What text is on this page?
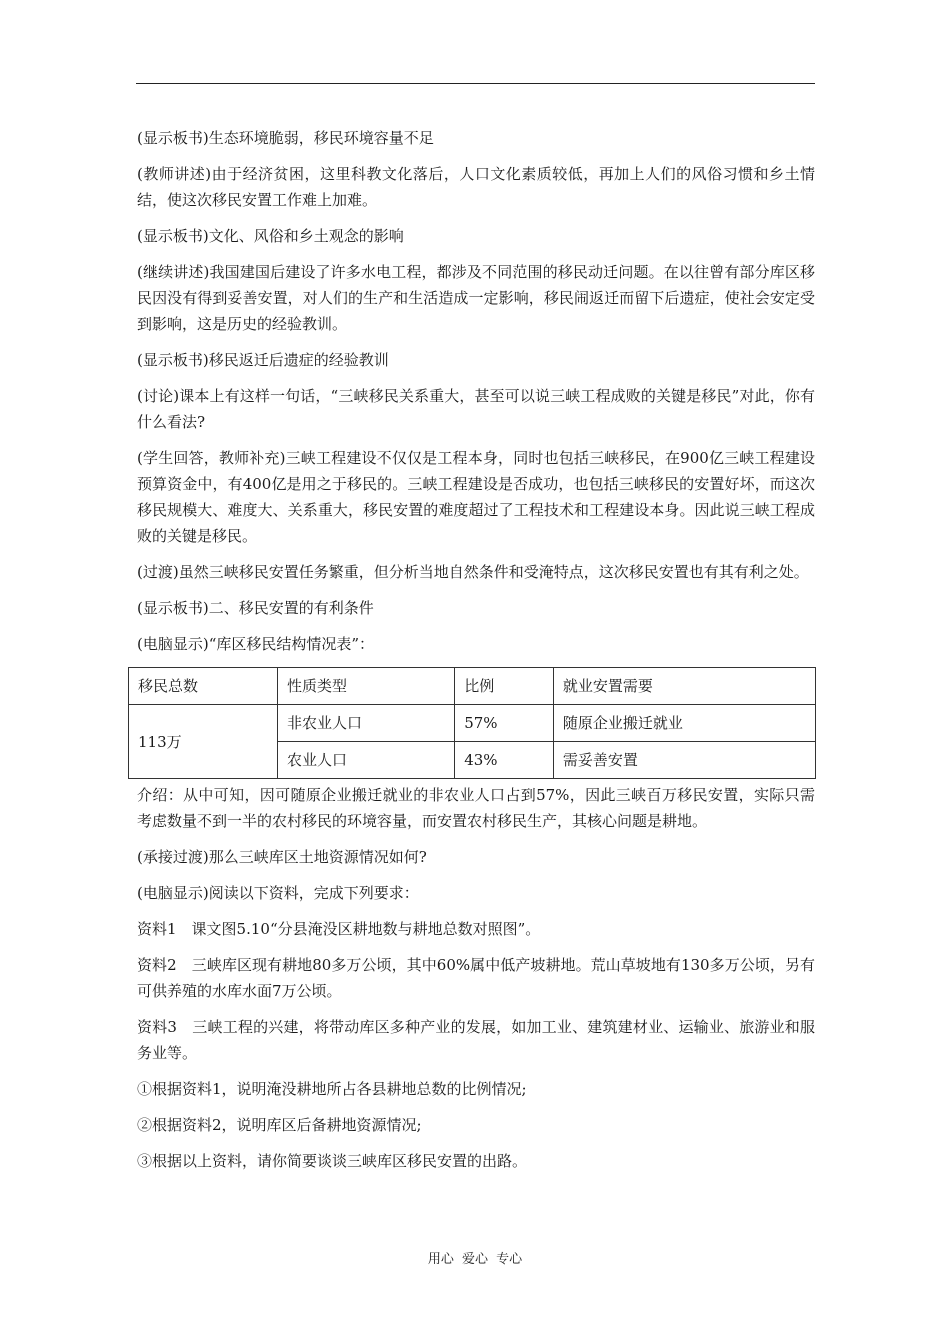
(显示板书)生态环境脆弱，移民环境容量不足

(教师讲述)由于经济贫困，这里科教文化落后，人口文化素质较低，再加上人们的风俗习惯和乡土情结，使这次移民安置工作难上加难。

(显示板书)文化、风俗和乡土观念的影响

(继续讲述)我国建国后建设了许多水电工程，都涉及不同范围的移民动迁问题。在以往曾有部分库区移民因没有得到妥善安置，对人们的生产和生活造成一定影响，移民闹返迁而留下后遗症，使社会安定受到影响，这是历史的经验教训。

(显示板书)移民返迁后遗症的经验教训

(讨论)课本上有这样一句话，“三峡移民关系重大，甚至可以说三峡工程成败的关键是移民”对此，你有什么看法?

(学生回答，教师补充)三峡工程建设不仅仅是工程本身，同时也包括三峡移民，在900亿三峡工程建设预算资金中，有400亿是用之于移民的。三峡工程建设是否成功，也包括三峡移民的安置好坏，而这次移民规模大、难度大、关系重大，移民安置的难度超过了工程技术和工程建设本身。因此说三峡工程成败的关键是移民。

(过渡)虽然三峡移民安置任务繁重，但分析当地自然条件和受淹特点，这次移民安置也有其有利之处。

(显示板书)二、移民安置的有利条件

(电脑显示)“库区移民结构情况表”：

移民总数	性质类型	比例	就业安置需要
113万	非农业人口	57%	随原企业搬迁就业
	农业人口	43%	需妥善安置

介绍：从中可知，因可随原企业搬迁就业的非农业人口占到57%，因此三峡百万移民安置，实际只需考虑数量不到一半的农村移民的环境容量，而安置农村移民生产，其核心问题是耕地。

(承接过渡)那么三峡库区土地资源情况如何?

(电脑显示)阅读以下资料，完成下列要求：

资料1　课文图5.10“分县淹没区耕地数与耕地总数对照图”。

资料2　三峡库区现有耕地80多万公顷，其中60%属中低产坡耕地。荒山草坡地有130多万公顷，另有可供养殖的水库水面7万公顷。

资料3　三峡工程的兴建，将带动库区多种产业的发展，如加工业、建筑建材业、运输业、旅游业和服务业等。

①根据资料1，说明淹没耕地所占各县耕地总数的比例情况;

②根据资料2，说明库区后备耕地资源情况;

③根据以上资料，请你简要谈谈三峡库区移民安置的出路。

用心 爱心 专心
